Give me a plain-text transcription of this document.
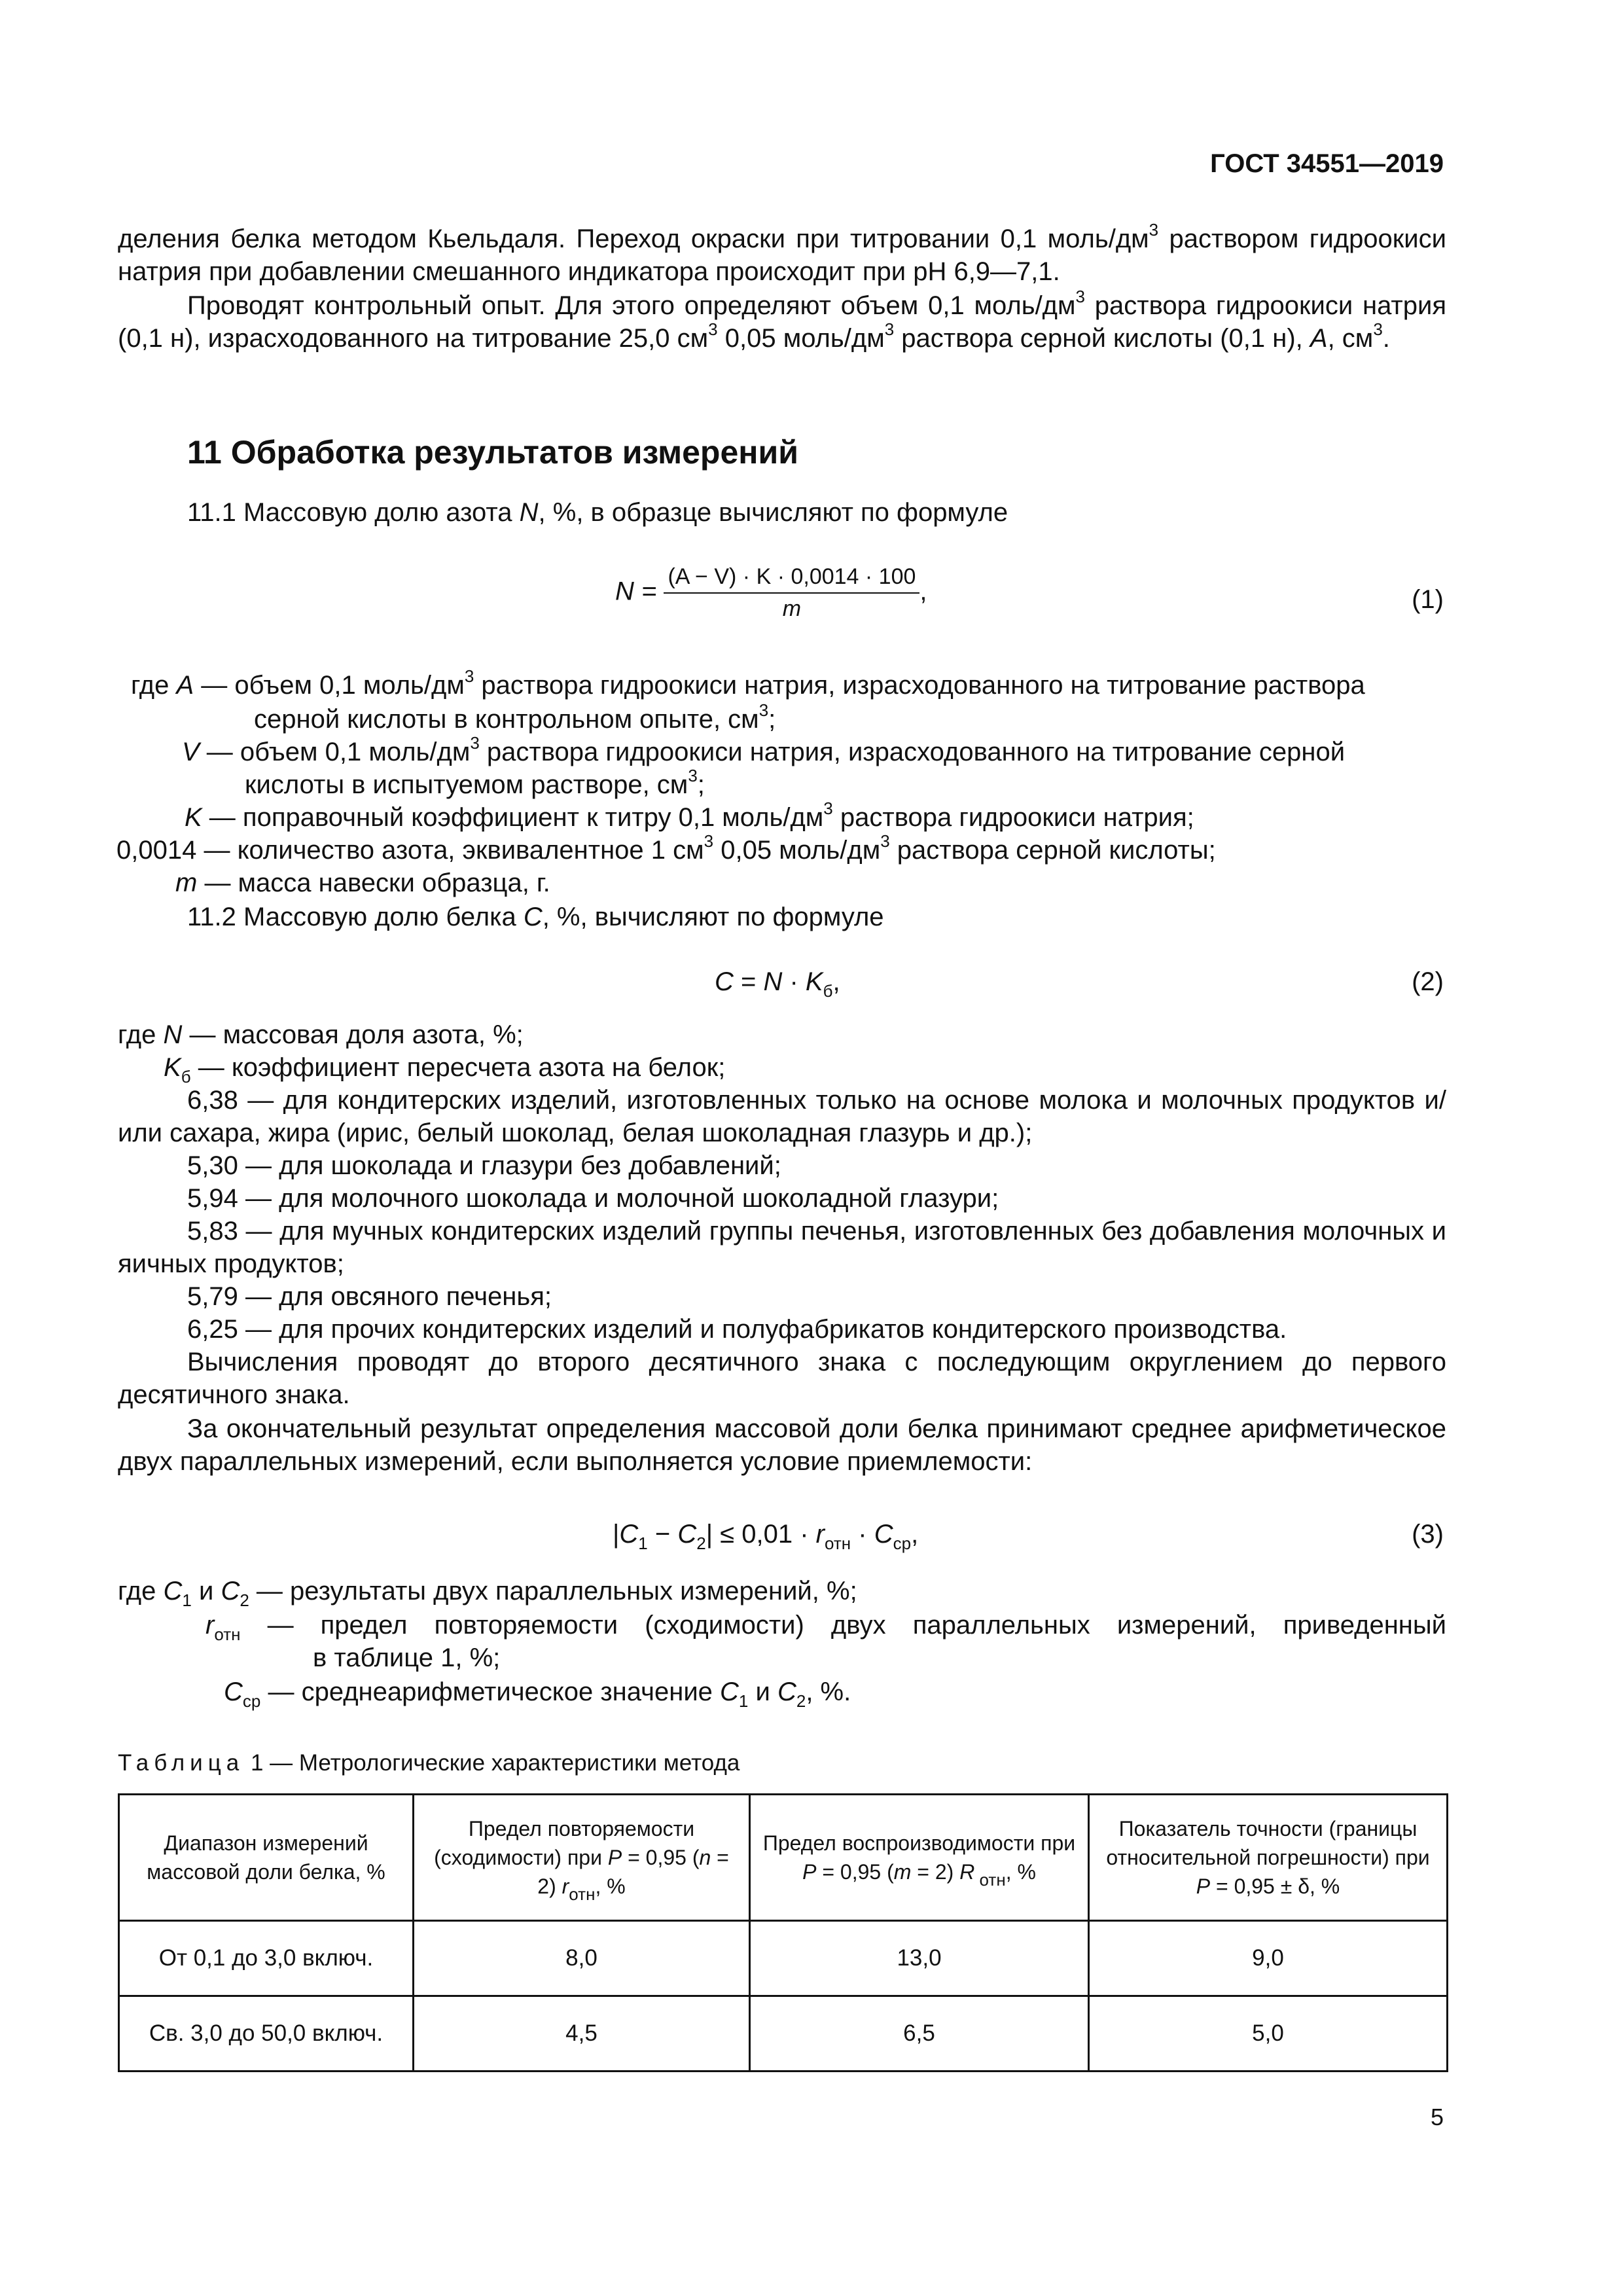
ГОСТ 34551—2019
деления белка методом Кьельдаля. Переход окраски при титровании 0,1 моль/$дм^3$ раствором гидроокиси натрия при добавлении смешанного индикатора происходит при pH 6,9—7,1.
Проводят контрольный опыт. Для этого определяют объем 0,1 моль/$дм^3$ раствора гидроокиси натрия (0,1 н), израсходованного на титрование 25,0 $см^3$ 0,05 моль/$дм^3$ раствора серной кислоты (0,1 н), A, $см^3$.
11 Обработка результатов измерений
11.1 Массовую долю азота N, %, в образце вычисляют по формуле
$N = \frac{(A - V) \cdot K \cdot 0,0014 \cdot 100}{m}$ ,	(1)
где A — объем 0,1 моль/$дм^3$ раствора гидроокиси натрия, израсходованного на титрование раствора
серной кислоты в контрольном опыте, $см^3$;
V — объем 0,1 моль/$дм^3$ раствора гидроокиси натрия, израсходованного на титрование серной
кислоты в испытуемом растворе, $см^3$;
K — поправочный коэффициент к титру 0,1 моль/$дм^3$ раствора гидроокиси натрия;
0,0014 — количество азота, эквивалентное 1 $см^3$ 0,05 моль/$дм^3$ раствора серной кислоты;
m — масса навески образца, г.
11.2 Массовую долю белка C, %, вычисляют по формуле
$C = N \cdot K_б$,	(2)
где N — массовая доля азота, %;
$K_б$ — коэффициент пересчета азота на белок;
6,38 — для кондитерских изделий, изготовленных только на основе молока и молочных продуктов и/или сахара, жира (ирис, белый шоколад, белая шоколадная глазурь и др.);
5,30 — для шоколада и глазури без добавлений;
5,94 — для молочного шоколада и молочной шоколадной глазури;
5,83 — для мучных кондитерских изделий группы печенья, изготовленных без добавления молочных и яичных продуктов;
5,79 — для овсяного печенья;
6,25 — для прочих кондитерских изделий и полуфабрикатов кондитерского производства.
Вычисления проводят до второго десятичного знака с последующим округлением до первого десятичного знака.
За окончательный результат определения массовой доли белка принимают среднее арифметическое двух параллельных измерений, если выполняется условие приемлемости:
$|C_1 - C_2| \le 0,01 \cdot r_{отн} \cdot C_{ср}$,	(3)
где $C_1$ и $C_2$ — результаты двух параллельных измерений, %;
$r_{отн}$ — предел повторяемости (сходимости) двух параллельных измерений, приведенный
в таблице 1, %;
$C_{ср}$ — среднеарифметическое значение $C_1$ и $C_2$, %.
Таблица 1 — Метрологические характеристики метода
Диапазон измерений массовой доли белка, %	Предел повторяемости (сходимости) при P = 0,95 (n = 2) $r_{отн}$, %	Предел воспроизводимости при P = 0,95 (m = 2) R $_{отн}$, %	Показатель точности (границы относительной погрешности) при P = 0,95 ± δ, %
От 0,1 до 3,0 включ.	8,0	13,0	9,0
Св. 3,0 до 50,0 включ.	4,5	6,5	5,0
5
